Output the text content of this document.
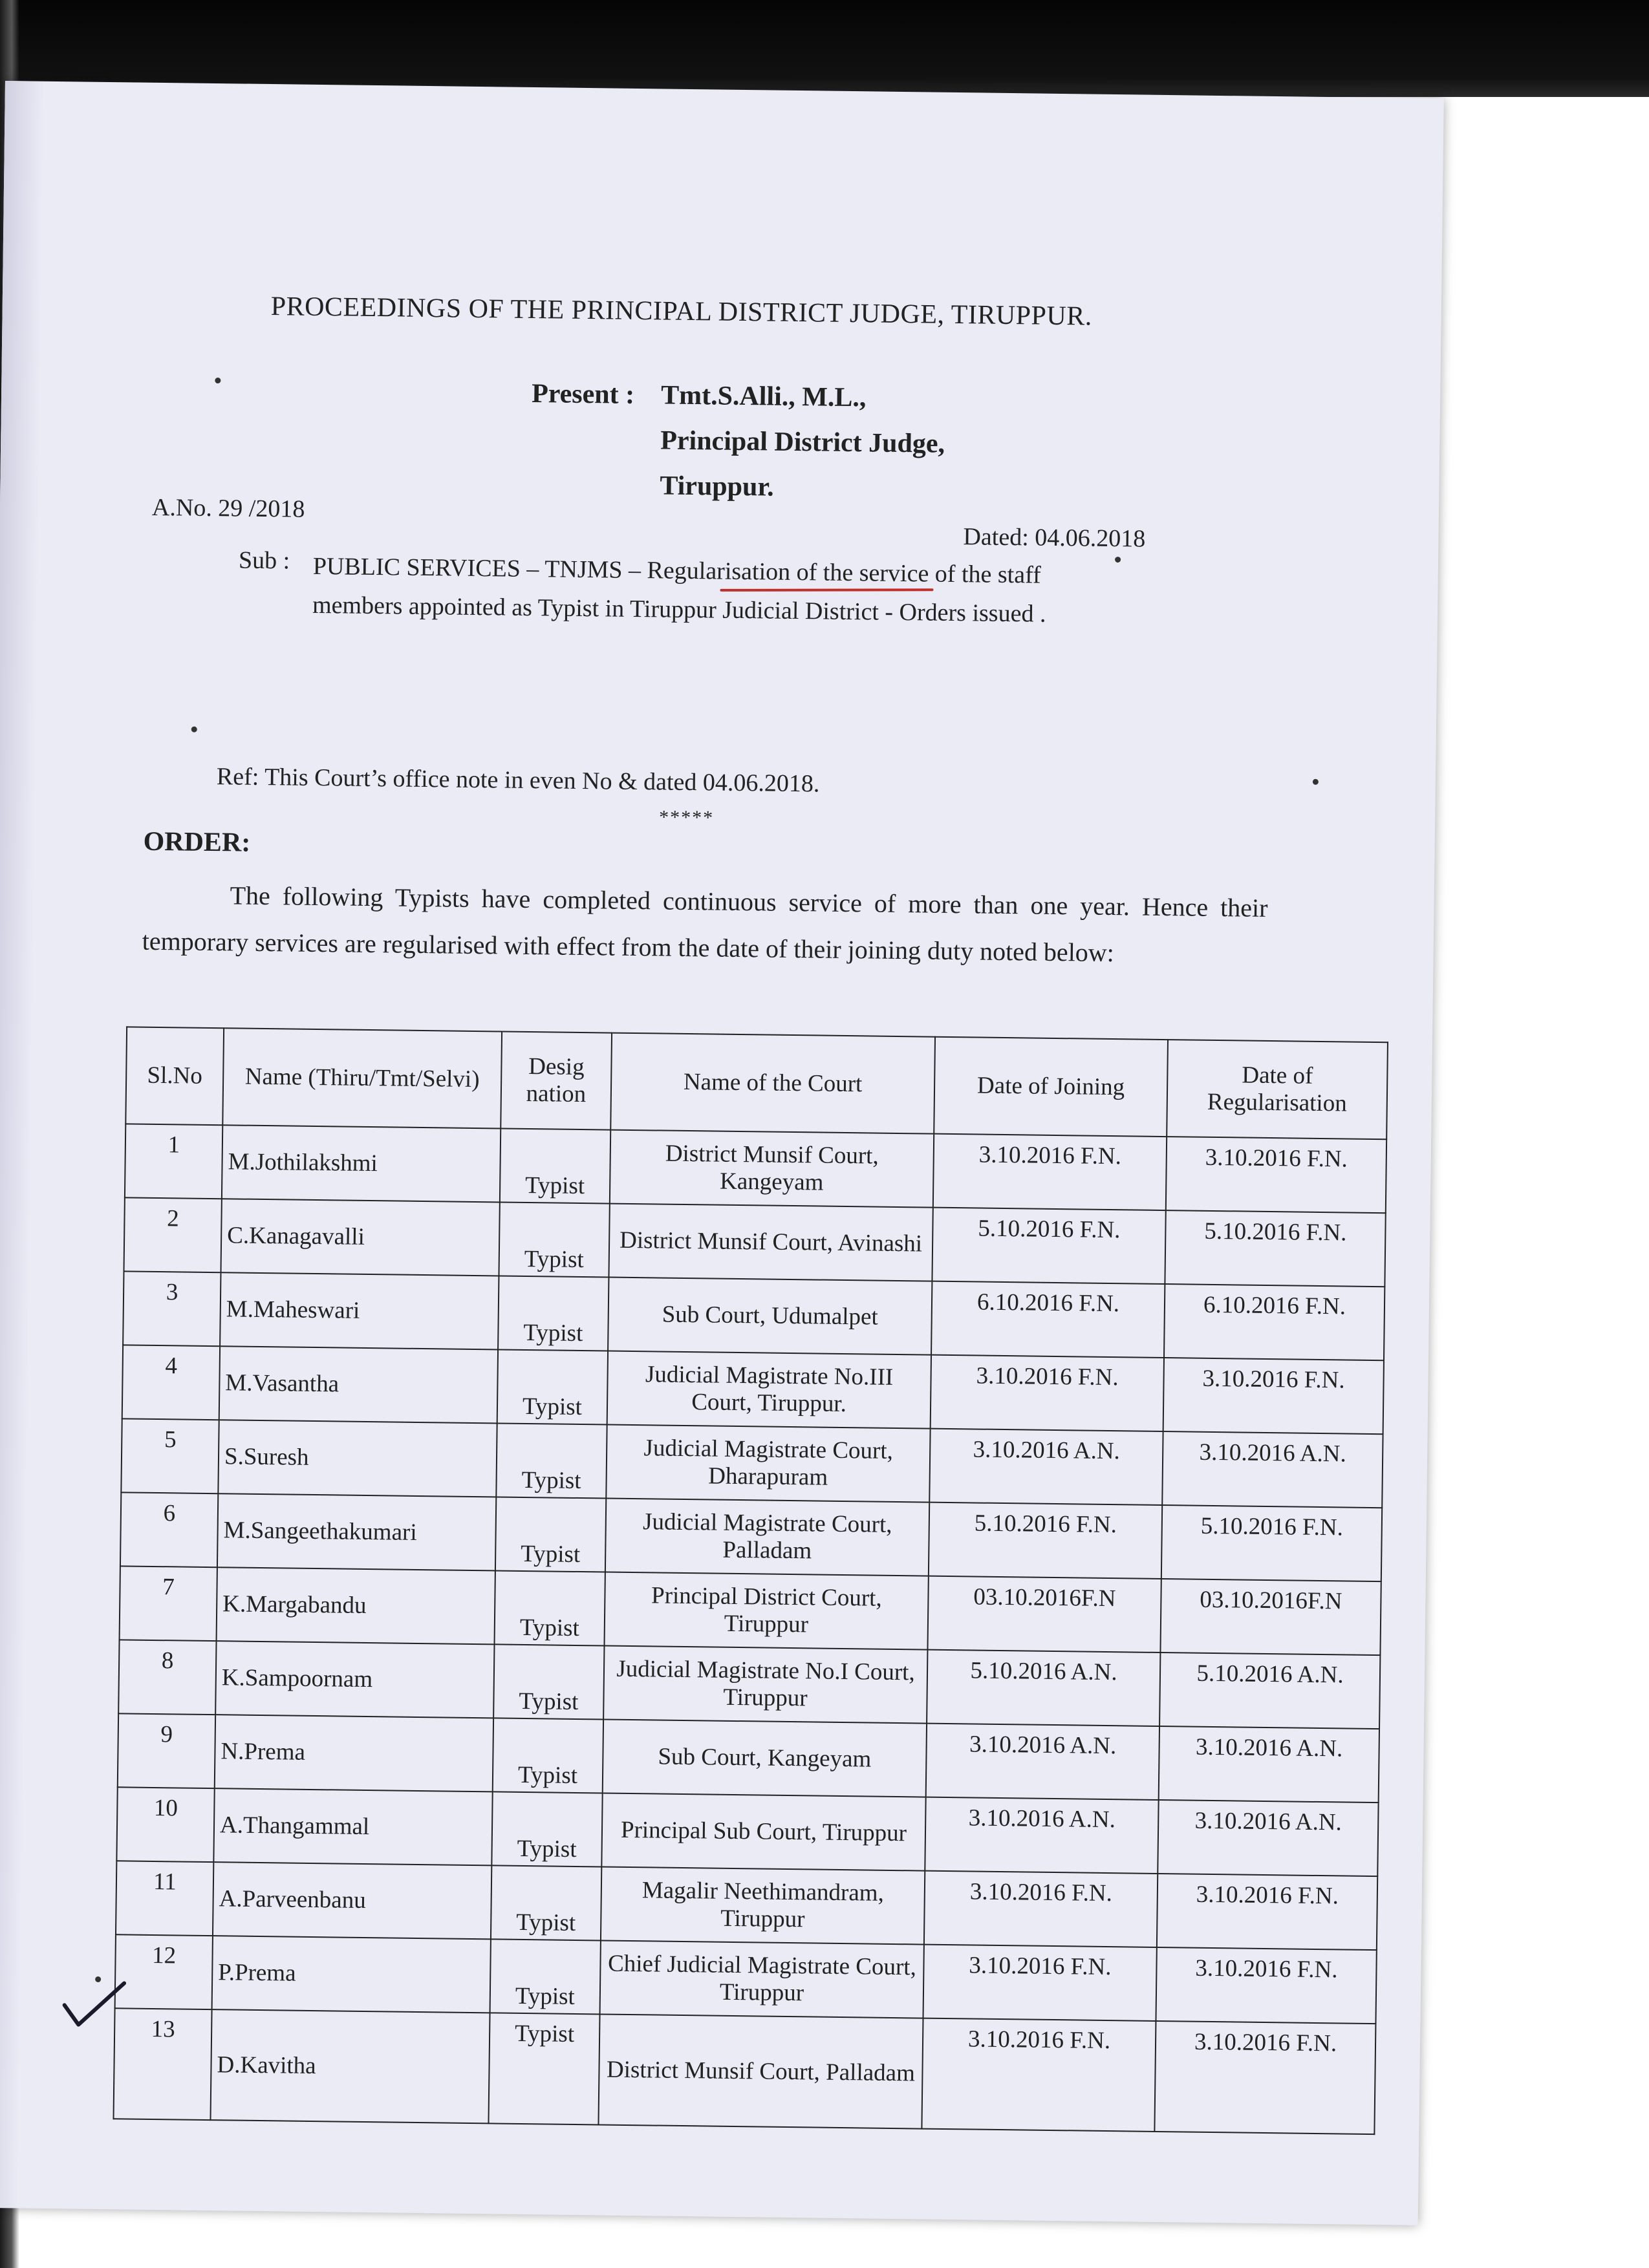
PROCEEDINGS OF THE PRINCIPAL DISTRICT JUDGE, TIRUPPUR.
Present : Tmt.S.Alli., M.L.,
Principal District Judge,
Tiruppur.
A.No. 29 /2018
Dated: 04.06.2018
Sub : PUBLIC SERVICES – TNJMS – Regularisation of the service of the staff members appointed as Typist in Tiruppur Judicial District - Orders issued .
Ref: This Court’s office note in even No & dated 04.06.2018.
*****
ORDER:
The following Typists have completed continuous service of more than one year. Hence their temporary services are regularised with effect from the date of their joining duty noted below:
Sl.No	Name (Thiru/Tmt/Selvi)	Desig nation	Name of the Court	Date of Joining	Date of Regularisation
1	M.Jothilakshmi	Typist	District Munsif Court, Kangeyam	3.10.2016 F.N.	3.10.2016 F.N.
2	C.Kanagavalli	Typist	District Munsif Court, Avinashi	5.10.2016 F.N.	5.10.2016 F.N.
3	M.Maheswari	Typist	Sub Court, Udumalpet	6.10.2016 F.N.	6.10.2016 F.N.
4	M.Vasantha	Typist	Judicial Magistrate No.III Court, Tiruppur.	3.10.2016 F.N.	3.10.2016 F.N.
5	S.Suresh	Typist	Judicial Magistrate Court, Dharapuram	3.10.2016 A.N.	3.10.2016 A.N.
6	M.Sangeethakumari	Typist	Judicial Magistrate Court, Palladam	5.10.2016 F.N.	5.10.2016 F.N.
7	K.Margabandu	Typist	Principal District Court, Tiruppur	03.10.2016F.N	03.10.2016F.N
8	K.Sampoornam	Typist	Judicial Magistrate No.I Court, Tiruppur	5.10.2016 A.N.	5.10.2016 A.N.
9	N.Prema	Typist	Sub Court, Kangeyam	3.10.2016 A.N.	3.10.2016 A.N.
10	A.Thangammal	Typist	Principal Sub Court, Tiruppur	3.10.2016 A.N.	3.10.2016 A.N.
11	A.Parveenbanu	Typist	Magalir Neethimandram, Tiruppur	3.10.2016 F.N.	3.10.2016 F.N.
12	P.Prema	Typist	Chief Judicial Magistrate Court, Tiruppur	3.10.2016 F.N.	3.10.2016 F.N.
13	D.Kavitha	Typist	District Munsif Court, Palladam	3.10.2016 F.N.	3.10.2016 F.N.
